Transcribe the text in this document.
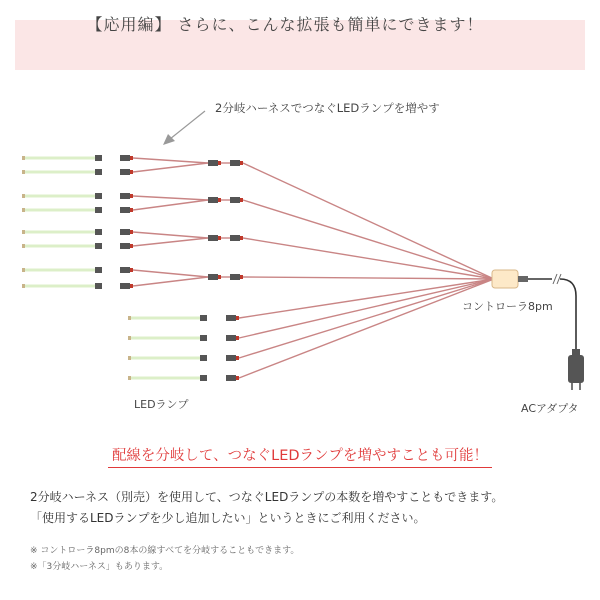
【応用編】 さらに、こんな拡張も簡単にできます！
2分岐ハーネスでつなぐLEDランプを増やす
コントローラ8pm
ACアダプタ
LEDランプ
配線を分岐して、つなぐLEDランプを増やすことも可能！

2分岐ハーネス（別売）を使用して、つなぐLEDランプの本数を増やすこともできます。

「使用するLEDランプを少し追加したい」というときにご利用ください。

※ コントローラ8pmの8本の線すべてを分岐することもできます。

※「3分岐ハーネス」もあります。
